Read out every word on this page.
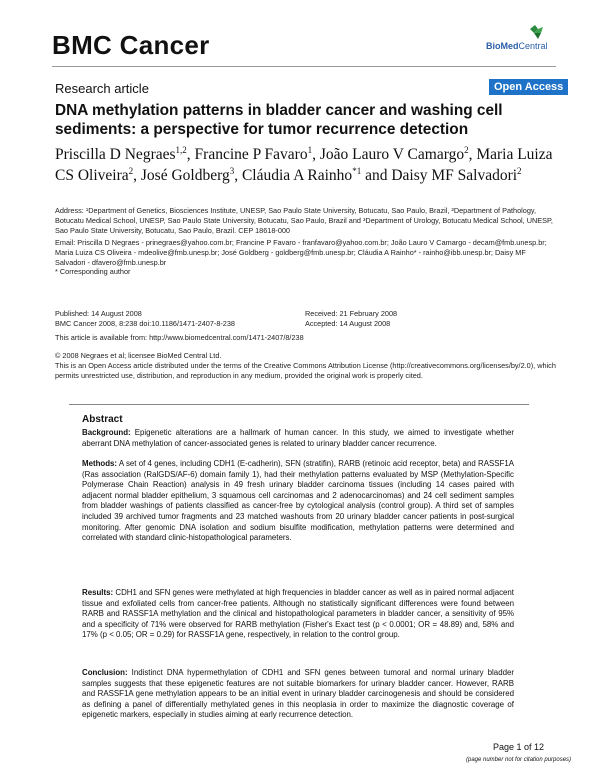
BMC Cancer	BioMedCentral
Research article	Open Access
DNA methylation patterns in bladder cancer and washing cell sediments: a perspective for tumor recurrence detection
Priscilla D Negraes$^{1,2}$, Francine P Favaro$^1$, João Lauro V Camargo$^2$, Maria Luiza CS Oliveira$^2$, José Goldberg$^3$, Cláudia A Rainho$^{*1}$ and Daisy MF Salvadori$^2$
Address: ¹Department of Genetics, Biosciences Institute, UNESP, Sao Paulo State University, Botucatu, Sao Paulo, Brazil, ²Department of Pathology, Botucatu Medical School, UNESP, Sao Paulo State University, Botucatu, Sao Paulo, Brazil and ³Department of Urology, Botucatu Medical School, UNESP, Sao Paulo State University, Botucatu, Sao Paulo, Brazil. CEP 18618-000
Email: Priscilla D Negraes - prinegraes@yahoo.com.br; Francine P Favaro - franfavaro@yahoo.com.br; João Lauro V Camargo - decam@fmb.unesp.br; Maria Luiza CS Oliveira - mdeolive@fmb.unesp.br; José Goldberg - goldberg@fmb.unesp.br; Cláudia A Rainho* - rainho@ibb.unesp.br; Daisy MF Salvadori - dfavero@fmb.unesp.br
* Corresponding author
Published: 14 August 2008
BMC Cancer 2008, 8:238 doi:10.1186/1471-2407-8-238
Received: 21 February 2008
Accepted: 14 August 2008
This article is available from: http://www.biomedcentral.com/1471-2407/8/238
© 2008 Negraes et al; licensee BioMed Central Ltd.
This is an Open Access article distributed under the terms of the Creative Commons Attribution License (http://creativecommons.org/licenses/by/2.0), which permits unrestricted use, distribution, and reproduction in any medium, provided the original work is properly cited.
Abstract
Background: Epigenetic alterations are a hallmark of human cancer. In this study, we aimed to investigate whether aberrant DNA methylation of cancer-associated genes is related to urinary bladder cancer recurrence.
Methods: A set of 4 genes, including CDH1 (E-cadherin), SFN (stratifin), RARB (retinoic acid receptor, beta) and RASSF1A (Ras association (RalGDS/AF-6) domain family 1), had their methylation patterns evaluated by MSP (Methylation-Specific Polymerase Chain Reaction) analysis in 49 fresh urinary bladder carcinoma tissues (including 14 cases paired with adjacent normal bladder epithelium, 3 squamous cell carcinomas and 2 adenocarcinomas) and 24 cell sediment samples from bladder washings of patients classified as cancer-free by cytological analysis (control group). A third set of samples included 39 archived tumor fragments and 23 matched washouts from 20 urinary bladder cancer patients in post-surgical monitoring. After genomic DNA isolation and sodium bisulfite modification, methylation patterns were determined and correlated with standard clinic-histopathological parameters.
Results: CDH1 and SFN genes were methylated at high frequencies in bladder cancer as well as in paired normal adjacent tissue and exfoliated cells from cancer-free patients. Although no statistically significant differences were found between RARB and RASSF1A methylation and the clinical and histopathological parameters in bladder cancer, a sensitivity of 95% and a specificity of 71% were observed for RARB methylation (Fisher's Exact test (p < 0.0001; OR = 48.89) and, 58% and 17% (p < 0.05; OR = 0.29) for RASSF1A gene, respectively, in relation to the control group.
Conclusion: Indistinct DNA hypermethylation of CDH1 and SFN genes between tumoral and normal urinary bladder samples suggests that these epigenetic features are not suitable biomarkers for urinary bladder cancer. However, RARB and RASSF1A gene methylation appears to be an initial event in urinary bladder carcinogenesis and should be considered as defining a panel of differentially methylated genes in this neoplasia in order to maximize the diagnostic coverage of epigenetic markers, especially in studies aiming at early recurrence detection.
Page 1 of 12
(page number not for citation purposes)
